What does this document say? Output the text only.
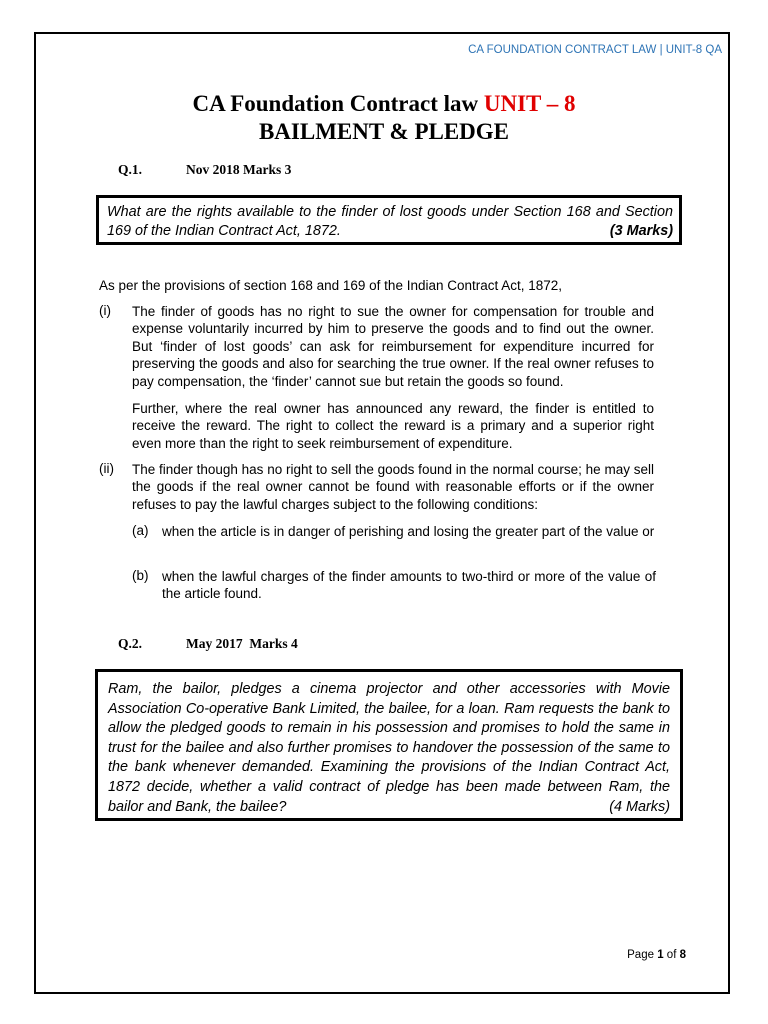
CA FOUNDATION CONTRACT LAW | UNIT-8 QA
CA Foundation Contract law UNIT – 8
BAILMENT & PLEDGE
Q.1.	Nov 2018 Marks 3
What are the rights available to the finder of lost goods under Section 168 and Section 169 of the Indian Contract Act, 1872.	(3 Marks)
As per the provisions of section 168 and 169 of the Indian Contract Act, 1872,
(i) The finder of goods has no right to sue the owner for compensation for trouble and expense voluntarily incurred by him to preserve the goods and to find out the owner. But ‘finder of lost goods’ can ask for reimbursement for expenditure incurred for preserving the goods and also for searching the true owner. If the real owner refuses to pay compensation, the ‘finder’ cannot sue but retain the goods so found.
Further, where the real owner has announced any reward, the finder is entitled to receive the reward. The right to collect the reward is a primary and a superior right even more than the right to seek reimbursement of expenditure.
(ii) The finder though has no right to sell the goods found in the normal course; he may sell the goods if the real owner cannot be found with reasonable efforts or if the owner refuses to pay the lawful charges subject to the following conditions:
(a) when the article is in danger of perishing and losing the greater part of the value or
(b) when the lawful charges of the finder amounts to two-third or more of the value of the article found.
Q.2.	May 2017  Marks 4
Ram, the bailor, pledges a cinema projector and other accessories with Movie Association Co-operative Bank Limited, the bailee, for a loan. Ram requests the bank to allow the pledged goods to remain in his possession and promises to hold the same in trust for the bailee and also further promises to handover the possession of the same to the bank whenever demanded. Examining the provisions of the Indian Contract Act, 1872 decide, whether a valid contract of pledge has been made between Ram, the bailor and Bank, the bailee?	(4 Marks)
Page 1 of 8
